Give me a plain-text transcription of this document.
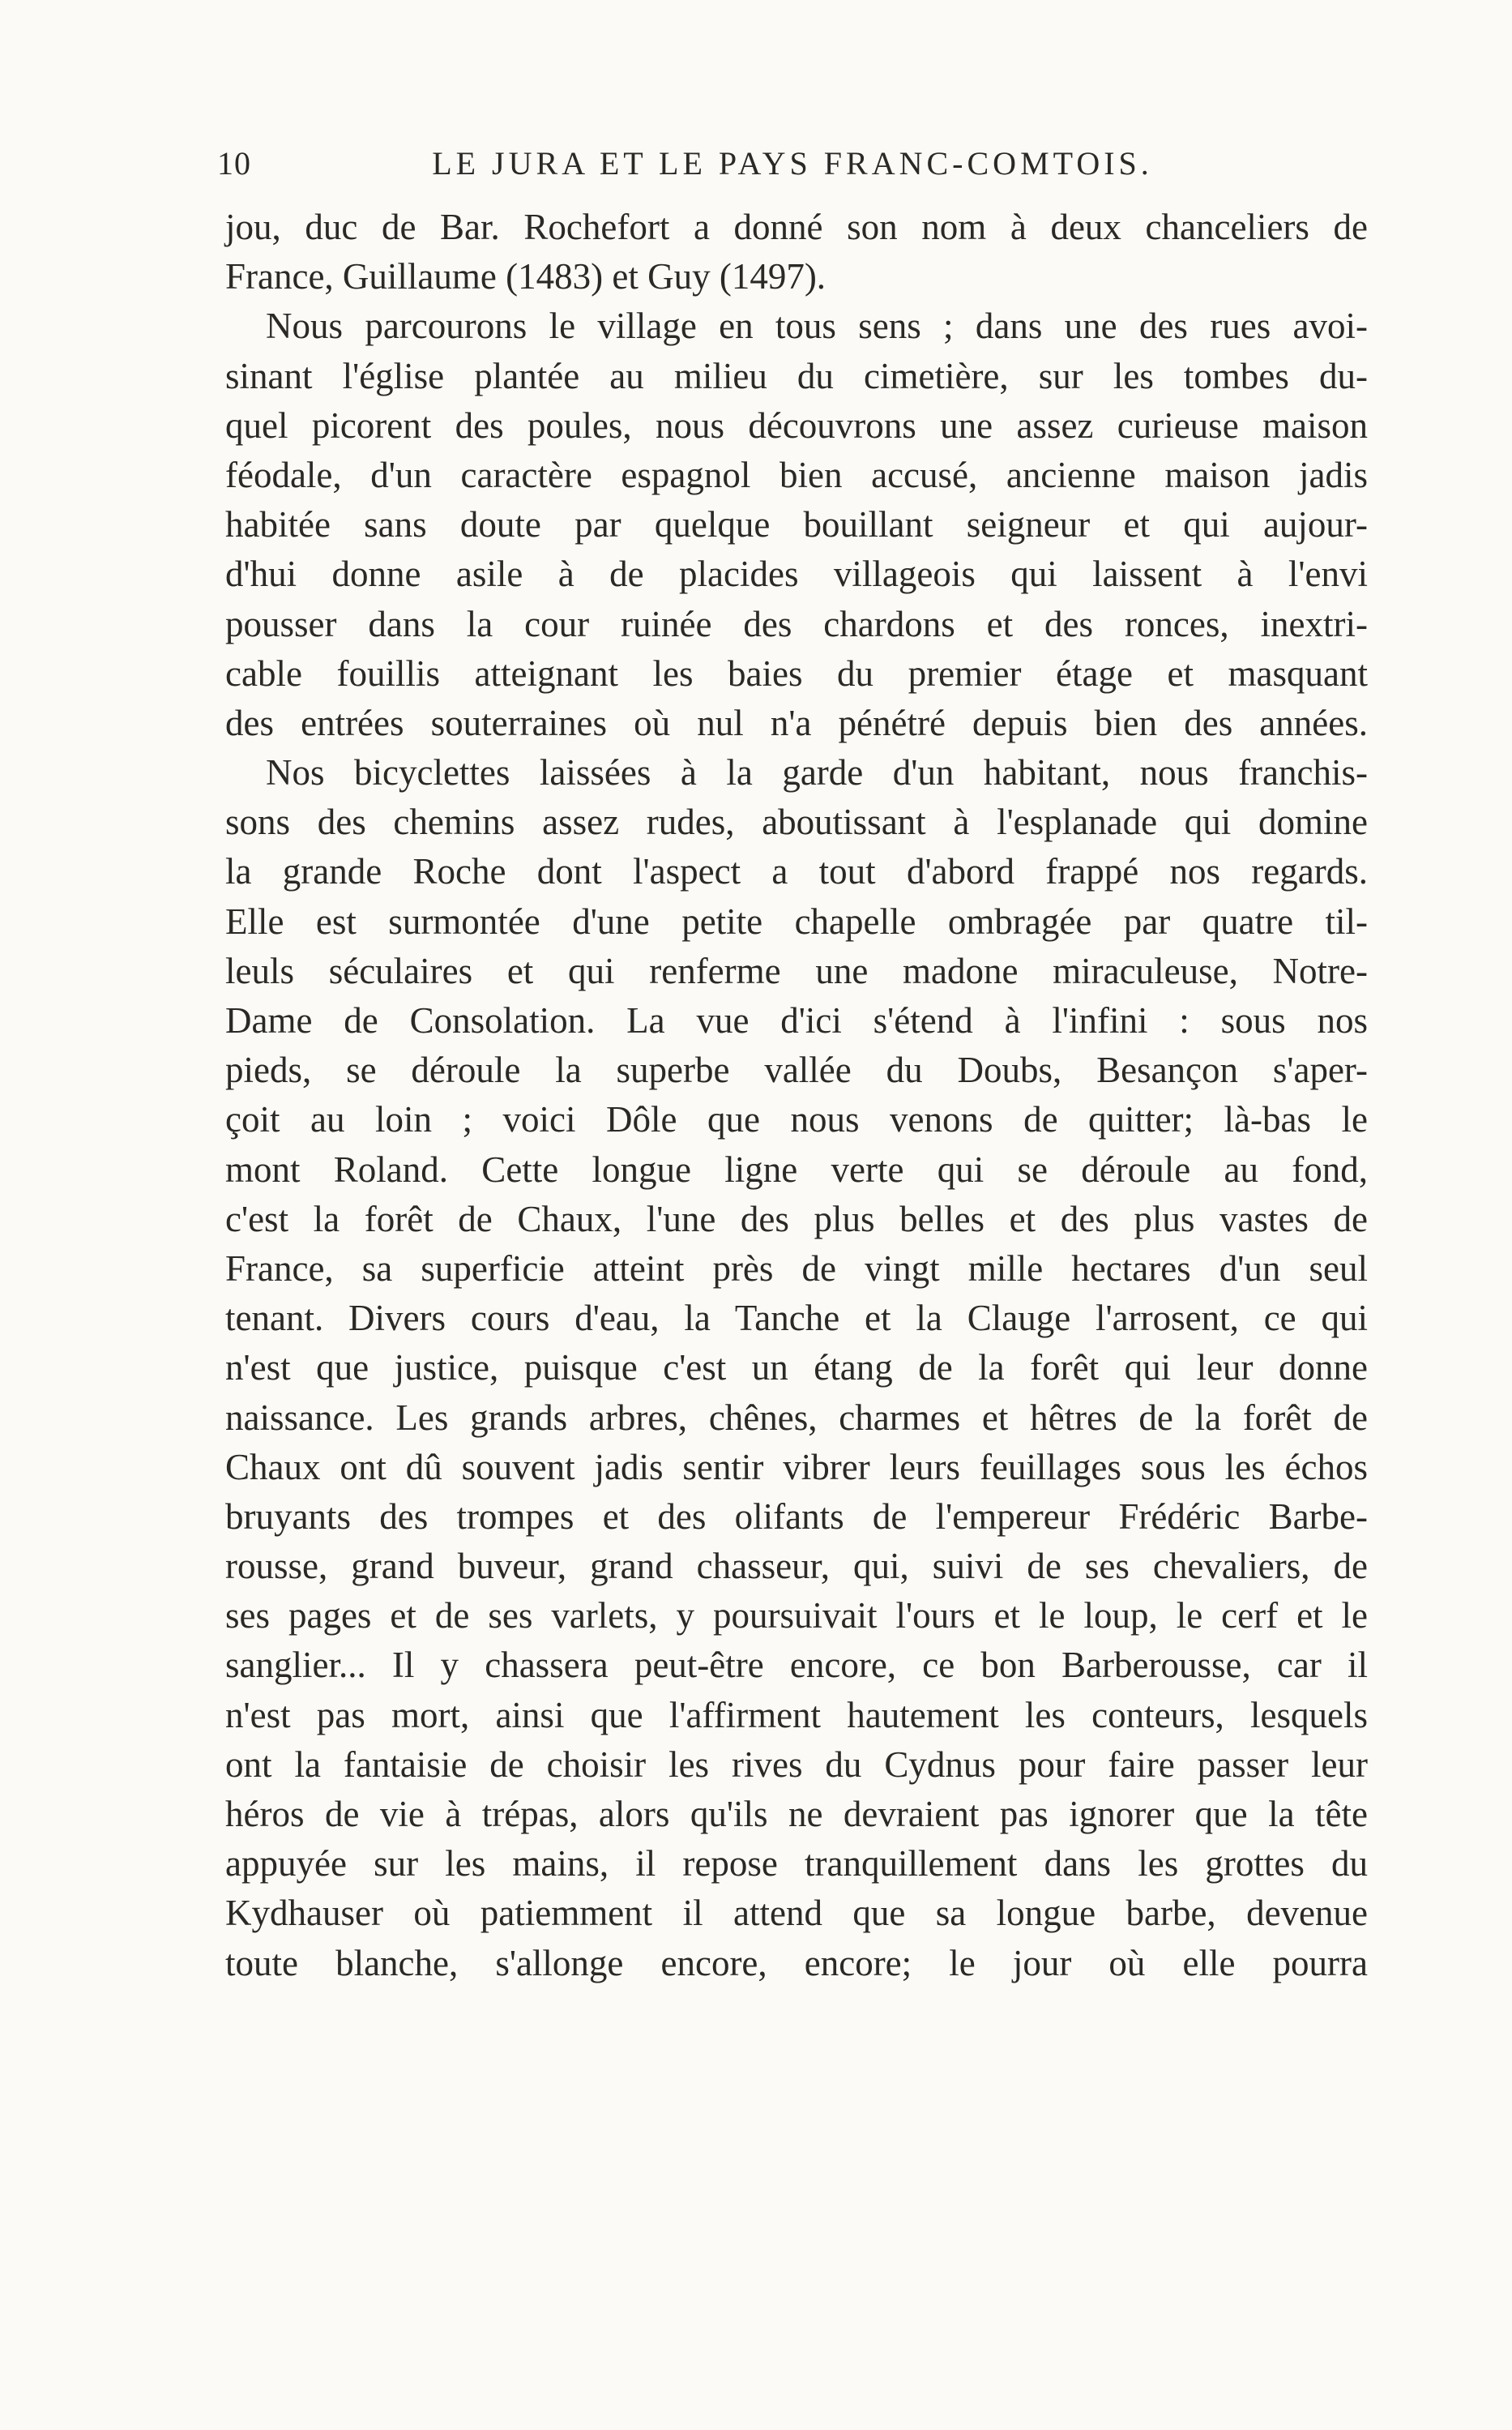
10	LE JURA ET LE PAYS FRANC-COMTOIS.
jou, duc de Bar. Rochefort a donné son nom à deux chanceliers de
France, Guillaume (1483) et Guy (1497).
Nous parcourons le village en tous sens ; dans une des rues avoi-
sinant l'église plantée au milieu du cimetière, sur les tombes du-
quel picorent des poules, nous découvrons une assez curieuse maison
féodale, d'un caractère espagnol bien accusé, ancienne maison jadis
habitée sans doute par quelque bouillant seigneur et qui aujour-
d'hui donne asile à de placides villageois qui laissent à l'envi
pousser dans la cour ruinée des chardons et des ronces, inextri-
cable fouillis atteignant les baies du premier étage et masquant
des entrées souterraines où nul n'a pénétré depuis bien des années.
Nos bicyclettes laissées à la garde d'un habitant, nous franchis-
sons des chemins assez rudes, aboutissant à l'esplanade qui domine
la grande Roche dont l'aspect a tout d'abord frappé nos regards.
Elle est surmontée d'une petite chapelle ombragée par quatre til-
leuls séculaires et qui renferme une madone miraculeuse, Notre-
Dame de Consolation. La vue d'ici s'étend à l'infini : sous nos
pieds, se déroule la superbe vallée du Doubs, Besançon s'aper-
çoit au loin ; voici Dôle que nous venons de quitter; là-bas le
mont Roland. Cette longue ligne verte qui se déroule au fond,
c'est la forêt de Chaux, l'une des plus belles et des plus vastes de
France, sa superficie atteint près de vingt mille hectares d'un seul
tenant. Divers cours d'eau, la Tanche et la Clauge l'arrosent, ce qui
n'est que justice, puisque c'est un étang de la forêt qui leur donne
naissance. Les grands arbres, chênes, charmes et hêtres de la forêt de
Chaux ont dû souvent jadis sentir vibrer leurs feuillages sous les échos
bruyants des trompes et des olifants de l'empereur Frédéric Barbe-
rousse, grand buveur, grand chasseur, qui, suivi de ses chevaliers, de
ses pages et de ses varlets, y poursuivait l'ours et le loup, le cerf et le
sanglier... Il y chassera peut-être encore, ce bon Barberousse, car il
n'est pas mort, ainsi que l'affirment hautement les conteurs, lesquels
ont la fantaisie de choisir les rives du Cydnus pour faire passer leur
héros de vie à trépas, alors qu'ils ne devraient pas ignorer que la tête
appuyée sur les mains, il repose tranquillement dans les grottes du
Kydhauser où patiemment il attend que sa longue barbe, devenue
toute blanche, s'allonge encore, encore; le jour où elle pourra
